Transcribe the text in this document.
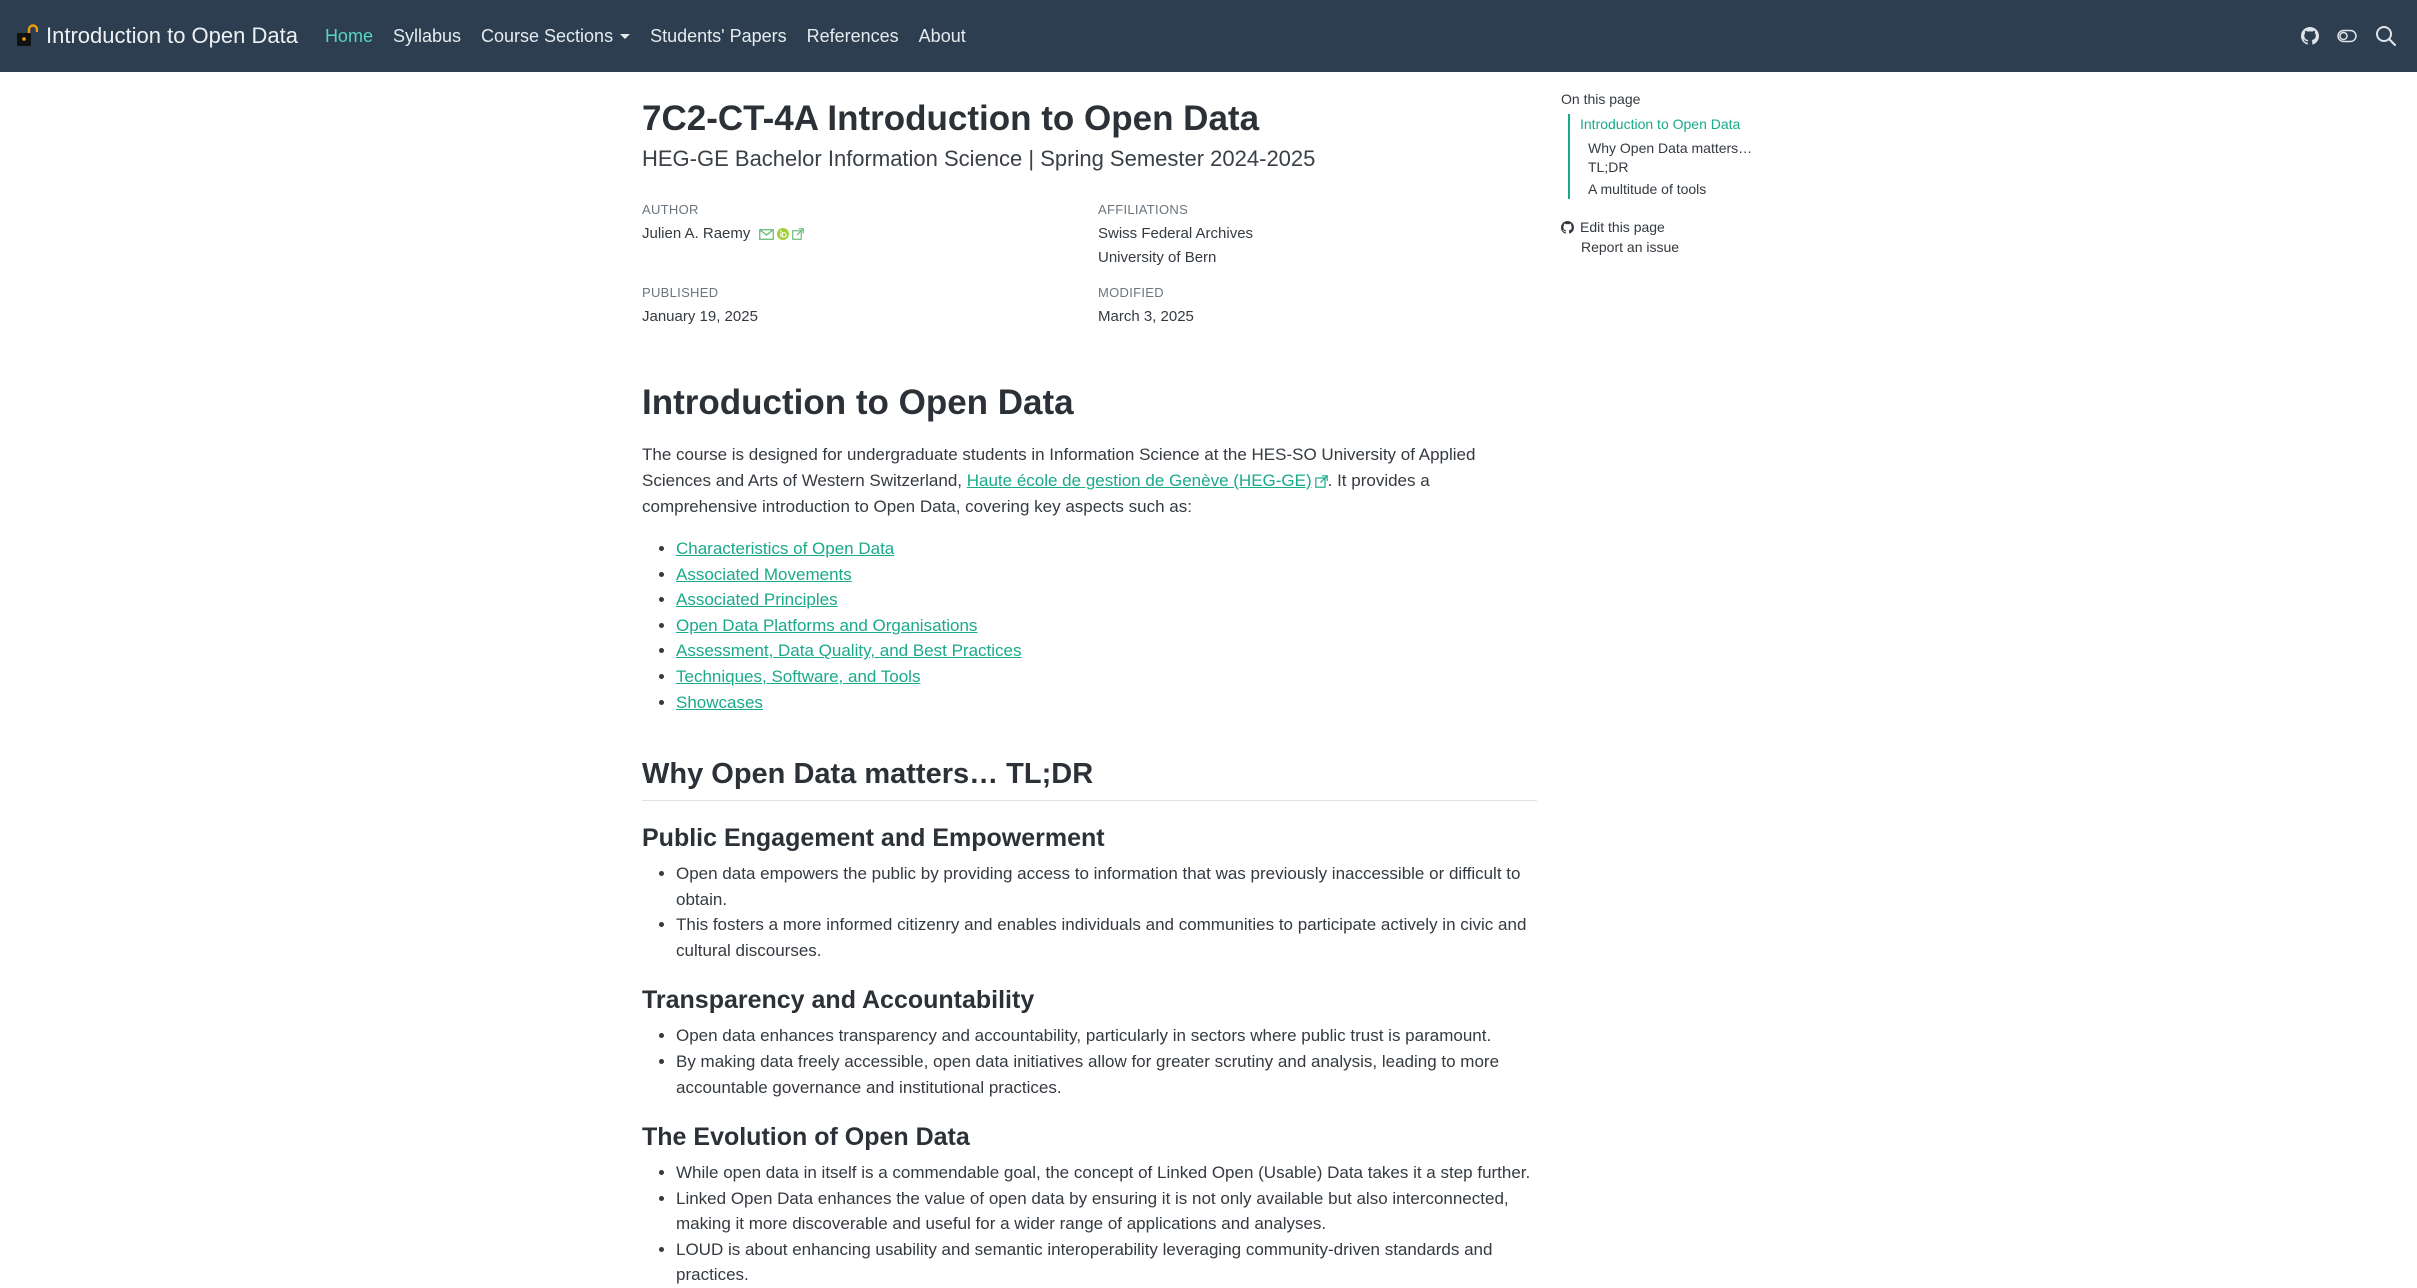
Introduction to Open Data Home Syllabus Course Sections	Students' Papers References About
7C2-CT-4A Introduction to Open Data
HEG-GE Bachelor Information Science | Spring Semester 2024-2025
AUTHOR
Julien A. Raemy
AFFILIATIONS
Swiss Federal Archives
University of Bern
PUBLISHED
January 19, 2025
MODIFIED
March 3, 2025
Introduction to Open Data
The course is designed for undergraduate students in Information Science at the HES-SO University of Applied Sciences and Arts of Western Switzerland, Haute école de gestion de Genève (HEG-GE) . It provides a comprehensive introduction to Open Data, covering key aspects such as:
• Characteristics of Open Data
• Associated Movements
• Associated Principles
• Open Data Platforms and Organisations
• Assessment, Data Quality, and Best Practices
• Techniques, Software, and Tools
• Showcases
Why Open Data matters… TL;DR
Public Engagement and Empowerment
• Open data empowers the public by providing access to information that was previously inaccessible or difficult to obtain.
• This fosters a more informed citizenry and enables individuals and communities to participate actively in civic and cultural discourses.
Transparency and Accountability
• Open data enhances transparency and accountability, particularly in sectors where public trust is paramount.
• By making data freely accessible, open data initiatives allow for greater scrutiny and analysis, leading to more accountable governance and institutional practices.
The Evolution of Open Data
• While open data in itself is a commendable goal, the concept of Linked Open (Usable) Data takes it a step further.
• Linked Open Data enhances the value of open data by ensuring it is not only available but also interconnected, making it more discoverable and useful for a wider range of applications and analyses.
• LOUD is about enhancing usability and semantic interoperability leveraging community-driven standards and practices.
On this page
Introduction to Open Data
Why Open Data matters… TL;DR
A multitude of tools
Edit this page
Report an issue
